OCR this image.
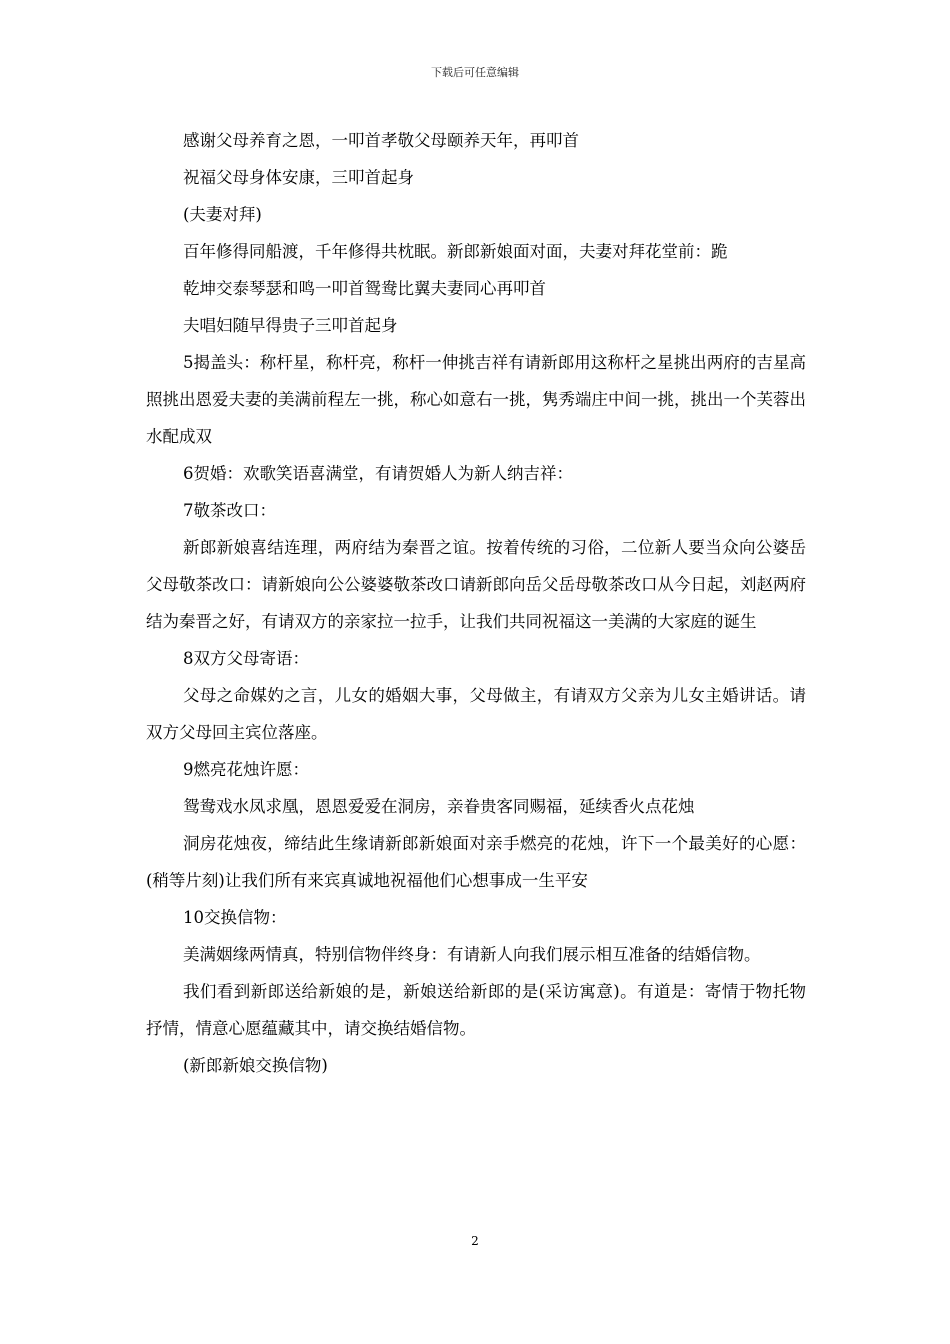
下载后可任意编辑

感谢父母养育之恩，一叩首孝敬父母颐养天年，再叩首

祝福父母身体安康，三叩首起身

(夫妻对拜)

百年修得同船渡，千年修得共枕眠。新郎新娘面对面，夫妻对拜花堂前：跪

乾坤交泰琴瑟和鸣一叩首鸳鸯比翼夫妻同心再叩首

夫唱妇随早得贵子三叩首起身

5揭盖头：称杆星，称杆亮，称杆一伸挑吉祥有请新郎用这称杆之星挑出两府的吉星高照挑出恩爱夫妻的美满前程左一挑，称心如意右一挑，隽秀端庄中间一挑，挑出一个芙蓉出水配成双

6贺婚：欢歌笑语喜满堂，有请贺婚人为新人纳吉祥：

7敬茶改口：

新郎新娘喜结连理，两府结为秦晋之谊。按着传统的习俗，二位新人要当众向公婆岳父母敬茶改口：请新娘向公公婆婆敬茶改口请新郎向岳父岳母敬茶改口从今日起，刘赵两府结为秦晋之好，有请双方的亲家拉一拉手，让我们共同祝福这一美满的大家庭的诞生

8双方父母寄语：

父母之命媒妁之言，儿女的婚姻大事，父母做主，有请双方父亲为儿女主婚讲话。请双方父母回主宾位落座。

9燃亮花烛许愿：

鸳鸯戏水凤求凰，恩恩爱爱在洞房，亲眷贵客同赐福，延续香火点花烛

洞房花烛夜，缔结此生缘请新郎新娘面对亲手燃亮的花烛，许下一个最美好的心愿：(稍等片刻)让我们所有来宾真诚地祝福他们心想事成一生平安

10交换信物：

美满姻缘两情真，特别信物伴终身：有请新人向我们展示相互准备的结婚信物。

我们看到新郎送给新娘的是，新娘送给新郎的是(采访寓意)。有道是：寄情于物托物抒情，情意心愿蕴藏其中，请交换结婚信物。

(新郎新娘交换信物)

2
